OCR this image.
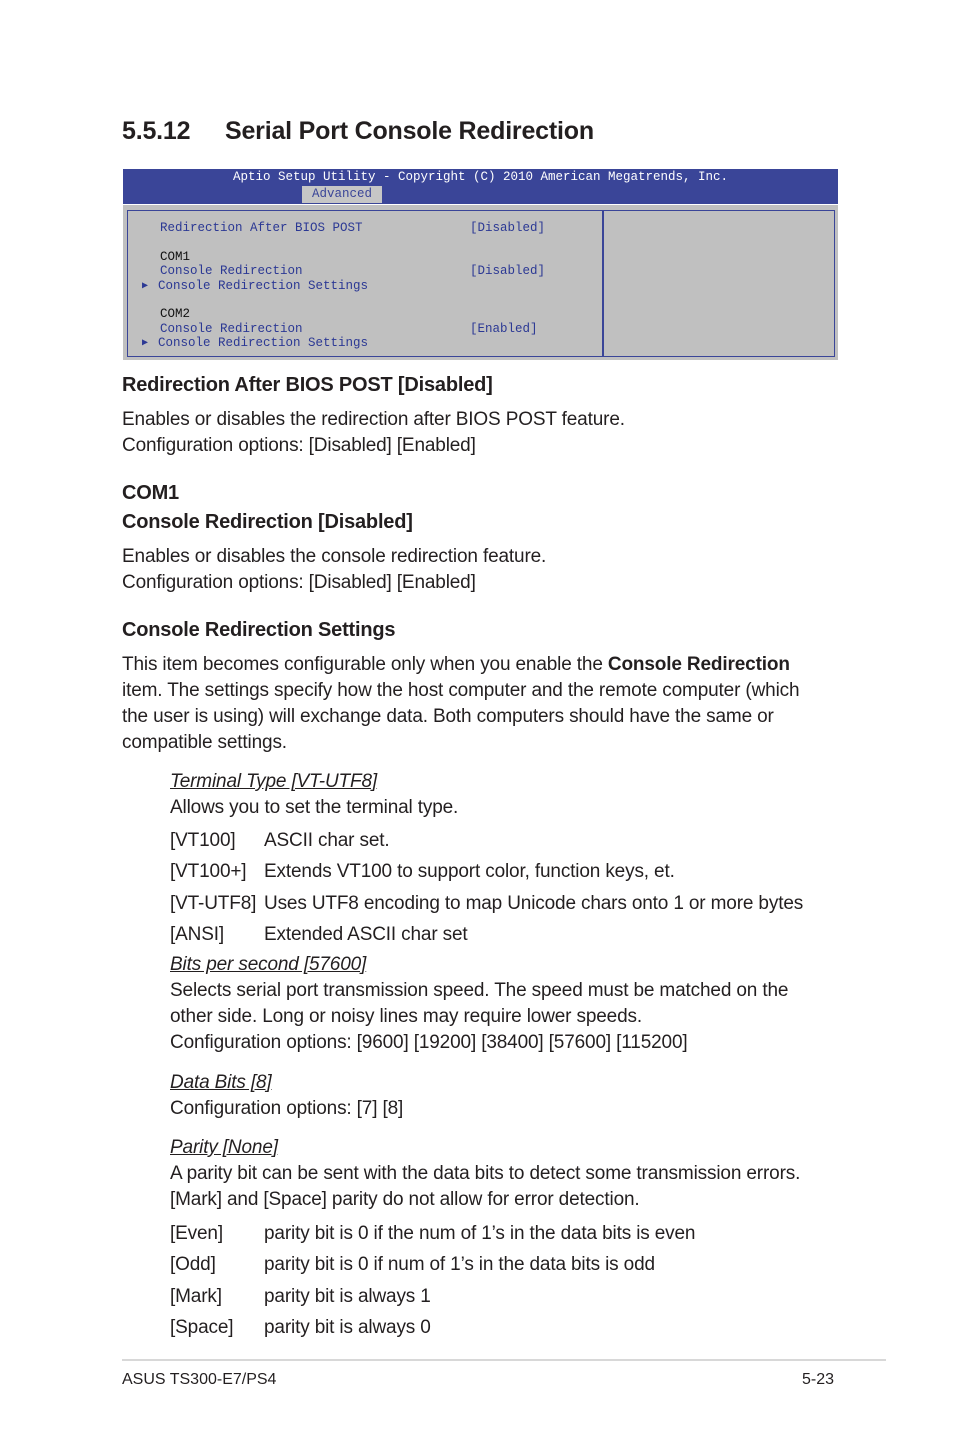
5.5.12 Serial Port Console Redirection
Aptio Setup Utility - Copyright (C) 2010 American Megatrends, Inc.
Advanced
Redirection After BIOS POST	[Disabled]
COM1
Console Redirection	[Disabled]
▶ Console Redirection Settings
COM2
Console Redirection	[Enabled]
▶ Console Redirection Settings
Redirection After BIOS POST [Disabled]
Enables or disables the redirection after BIOS POST feature.
Configuration options: [Disabled] [Enabled]
COM1
Console Redirection [Disabled]
Enables or disables the console redirection feature.
Configuration options: [Disabled] [Enabled]
Console Redirection Settings
This item becomes configurable only when you enable the Console Redirection
item. The settings specify how the host computer and the remote computer (which
the user is using) will exchange data. Both computers should have the same or
compatible settings.
Terminal Type [VT-UTF8]
Allows you to set the terminal type.
[VT100] ASCII char set.
[VT100+] Extends VT100 to support color, function keys, et.
[VT-UTF8] Uses UTF8 encoding to map Unicode chars onto 1 or more bytes
[ANSI] Extended ASCII char set
Bits per second [57600]
Selects serial port transmission speed. The speed must be matched on the
other side. Long or noisy lines may require lower speeds.
Configuration options: [9600] [19200] [38400] [57600] [115200]
Data Bits [8]
Configuration options: [7] [8]
Parity [None]
A parity bit can be sent with the data bits to detect some transmission errors.
[Mark] and [Space] parity do not allow for error detection.
[Even] parity bit is 0 if the num of 1’s in the data bits is even
[Odd]	parity bit is 0 if num of 1’s in the data bits is odd
[Mark] parity bit is always 1
[Space] parity bit is always 0
ASUS TS300-E7/PS4	5-23
